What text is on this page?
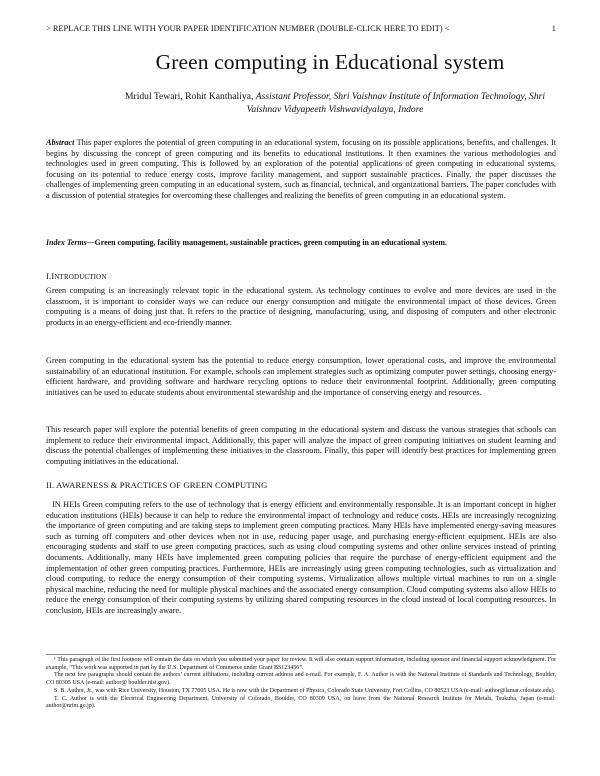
> REPLACE THIS LINE WITH YOUR PAPER IDENTIFICATION NUMBER (DOUBLE-CLICK HERE TO EDIT) <	1
Green computing in Educational system
Mridul Tewari, Rohit Kanthaliya, Assistant Professor, Shri Vaishnav Institute of Information Technology, Shri Vaishnav Vidyapeeth Vishwavidyalaya, Indore
Abstract This paper explores the potential of green computing in an educational system, focusing on its possible applications, benefits, and challenges. It begins by discussing the concept of green computing and its benefits to educational institutions. It then examines the various methodologies and technologies used in green computing. This is followed by an exploration of the potential applications of green computing in educational systems, focusing on its potential to reduce energy costs, improve facility management, and support sustainable practices. Finally, the paper discusses the challenges of implementing green computing in an educational system, such as financial, technical, and organizational barriers. The paper concludes with a discussion of potential strategies for overcoming these challenges and realizing the benefits of green computing in an educational system.
Index Terms—Green computing, facility management, sustainable practices, green computing in an educational system.
I.INTRODUCTION

Green computing is an increasingly relevant topic in the educational system. As technology continues to evolve and more devices are used in the classroom, it is important to consider ways we can reduce our energy consumption and mitigate the environmental impact of those devices. Green computing is a means of doing just that. It refers to the practice of designing, manufacturing, using, and disposing of computers and other electronic products in an energy-efficient and eco-friendly manner.

Green computing in the educational system has the potential to reduce energy consumption, lower operational costs, and improve the environmental sustainability of an educational institution. For example, schools can implement strategies such as optimizing computer power settings, choosing energy-efficient hardware, and providing software and hardware recycling options to reduce their environmental footprint. Additionally, green computing initiatives can be used to educate students about environmental stewardship and the importance of conserving energy and resources.

This research paper will explore the potential benefits of green computing in the educational system and discuss the various strategies that schools can implement to reduce their environmental impact. Additionally, this paper will analyze the impact of green computing initiatives on student learning and discuss the potential challenges of implementing these initiatives in the classroom. Finally, this paper will identify best practices for implementing green computing initiatives in the educational.

II. AWARENESS & PRACTICES OF GREEN COMPUTING

IN HEIs Green computing refers to the use of technology that is energy efficient and environmentally responsible. It is an important concept in higher education institutions (HEIs) because it can help to reduce the environmental impact of technology and reduce costs. HEIs are increasingly recognizing the importance of green computing and are taking steps to implement green computing practices. Many HEIs have implemented energy-saving measures such as turning off computers and other devices when not in use, reducing paper usage, and purchasing energy-efficient equipment. HEIs are also encouraging students and staff to use green computing practices, such as using cloud computing systems and other online services instead of printing documents. Additionally, many HEIs have implemented green computing policies that require the purchase of energy-efficient equipment and the implementation of other green computing practices. Furthermore, HEIs are increasingly using green computing technologies, such as virtualization and cloud computing, to reduce the energy consumption of their computing systems. Virtualization allows multiple virtual machines to run on a single physical machine, reducing the need for multiple physical machines and the associated energy consumption. Cloud computing systems also allow HEIs to reduce the energy consumption of their computing systems by utilizing shared computing resources in the cloud instead of local computing resources. In conclusion, HEIs are increasingly aware.

¹ This paragraph of the first footnote will contain the date on which you submitted your paper for review. It will also contain support information, including sponsor and financial support acknowledgment. For example, “This work was supported in part by the U.S. Department of Commerce under Grant BS123456”.

The next few paragraphs should contain the authors’ current affiliations, including current address and e-mail. For example, F. A. Author is with the National Institute of Standards and Technology, Boulder, CO 80305 USA (e-mail: author@ boulder.nist.gov).

S. B. Author, Jr., was with Rice University, Houston, TX 77005 USA. He is now with the Department of Physics, Colorado State University, Fort Collins, CO 80523 USA (e-mail: author@lamar.colostate.edu).

T. C. Author is with the Electrical Engineering Department, University of Colorado, Boulder, CO 80309 USA, on leave from the National Research Institute for Metals, Tsukuba, Japan (e-mail: author@nrim.go.jp).
